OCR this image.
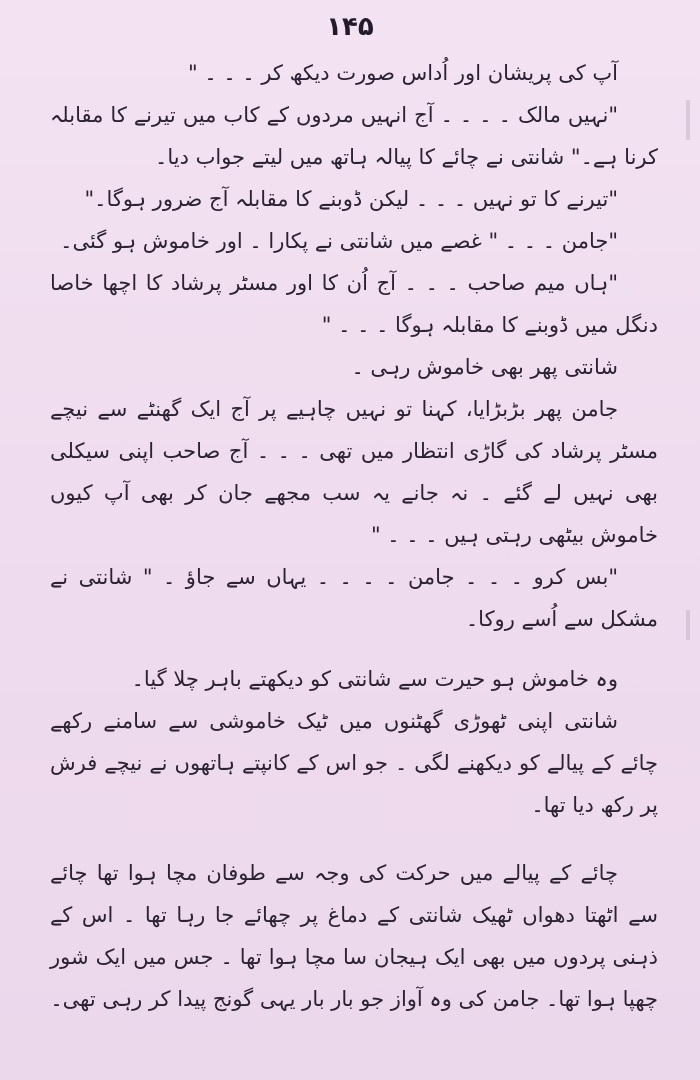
۱۴۵

آپ کی پریشان اور اُداس صورت دیکھ کر ۔ ۔ ۔ "

"نہیں مالک ۔ ۔ ۔ ۔ آج انہیں مردوں کے کاب میں تیرنے کا مقابلہ کرنا ہے۔" شانتی نے چائے کا پیالہ ہاتھ میں لیتے جواب دیا۔

"تیرنے کا تو نہیں ۔ ۔ ۔ لیکن ڈوبنے کا مقابلہ آج ضرور ہوگا۔"

"جامن ۔ ۔ ۔ " غصے میں شانتی نے پکارا ۔ اور خاموش ہو گئی۔

"ہاں میم صاحب ۔ ۔ ۔ آج اُن کا اور مسٹر پرشاد کا اچھا خاصا دنگل میں ڈوبنے کا مقابلہ ہوگا ۔ ۔ ۔ "

شانتی پھر بھی خاموش رہی ۔

جامن پھر بڑبڑایا، کہنا تو نہیں چاہیے پر آج ایک گھنٹے سے نیچے مسٹر پرشاد کی گاڑی انتظار میں تھی ۔ ۔ ۔ آج صاحب اپنی سیکلی بھی نہیں لے گئے ۔ نہ جانے یہ سب مجھے جان کر بھی آپ کیوں خاموش بیٹھی رہتی ہیں ۔ ۔ ۔ "

"بس کرو ۔ ۔ ۔ جامن ۔ ۔ ۔ ۔ یہاں سے جاؤ ۔ " شانتی نے مشکل سے اُسے روکا۔

وہ خاموش ہو حیرت سے شانتی کو دیکھتے باہر چلا گیا۔

شانتی اپنی ٹھوڑی گھٹنوں میں ٹیک خاموشی سے سامنے رکھے چائے کے پیالے کو دیکھنے لگی ۔ جو اس کے کانپتے ہاتھوں نے نیچے فرش پر رکھ دیا تھا۔

چائے کے پیالے میں حرکت کی وجہ سے طوفان مچا ہوا تھا چائے سے اٹھتا دھواں ٹھیک شانتی کے دماغ پر چھائے جا رہا تھا ۔ اس کے ذہنی پردوں میں بھی ایک ہیجان سا مچا ہوا تھا ۔ جس میں ایک شور چھپا ہوا تھا۔ جامن کی وہ آواز جو بار بار یہی گونج پیدا کر رہی تھی۔
